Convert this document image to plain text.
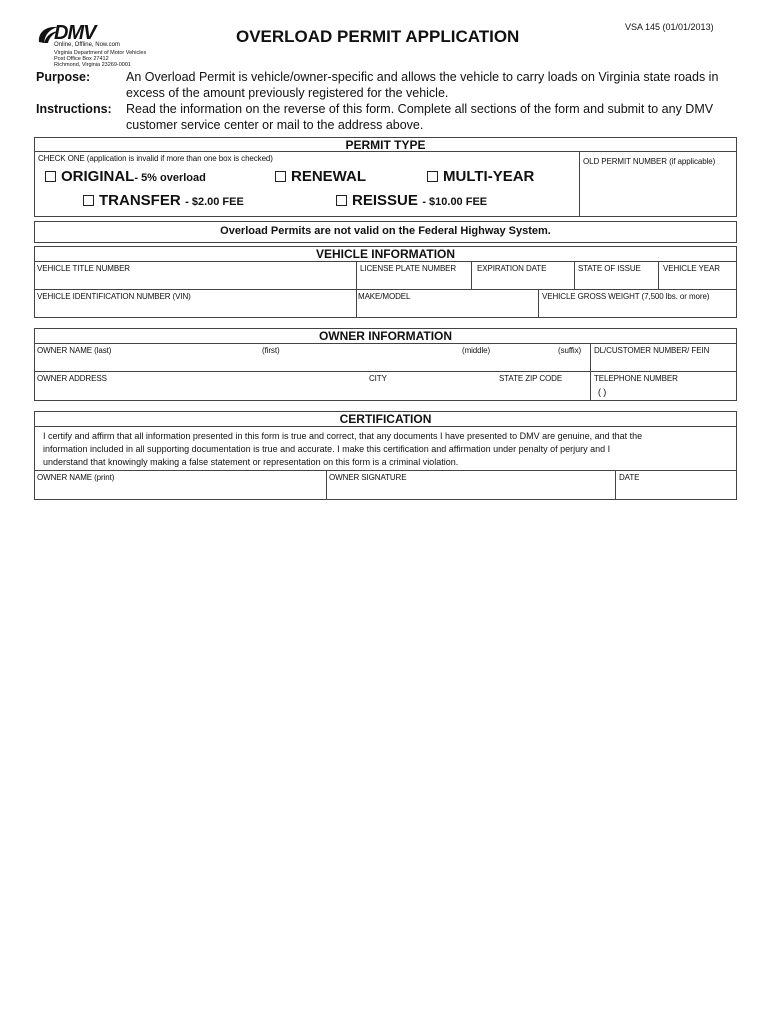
DMV
Online, Offline, Now.com
Virginia Department of Motor Vehicles
Post Office Box 27412
Richmond, Virginia 23269-0001
OVERLOAD PERMIT APPLICATION	VSA 145 (01/01/2013)
Purpose:	An Overload Permit is vehicle/owner-specific and allows the vehicle to carry loads on Virginia state roads in
excess of the amount previously registered for the vehicle.
Instructions: Read the information on the reverse of this form. Complete all sections of the form and submit to any DMV
customer service center or mail to the address above.
PERMIT TYPE
CHECK ONE (application is invalid if more than one box is checked)	OLD PERMIT NUMBER (if applicable)
ORIGINAL- 5% overload	RENEWAL	MULTI-YEAR
TRANSFER - $2.00 FEE	REISSUE - $10.00 FEE
Overload Permits are not valid on the Federal Highway System.
VEHICLE INFORMATION
VEHICLE TITLE NUMBER	LICENSE PLATE NUMBER	EXPIRATION DATE	STATE OF ISSUE	VEHICLE YEAR
VEHICLE IDENTIFICATION NUMBER (VIN)	MAKE/MODEL	VEHICLE GROSS WEIGHT (7,500 lbs. or more)
OWNER INFORMATION
OWNER NAME (last)	(first)	(middle)	(suffix) DL/CUSTOMER NUMBER/ FEIN
OWNER ADDRESS	CITY	STATE ZIP CODE	TELEPHONE NUMBER
( )
CERTIFICATION
I certify and affirm that all information presented in this form is true and correct, that any documents I have presented to DMV are genuine, and that the
information included in all supporting documentation is true and accurate. I make this certification and affirmation under penalty of perjury and I
understand that knowingly making a false statement or representation on this form is a criminal violation.
OWNER NAME (print)	OWNER SIGNATURE	DATE
